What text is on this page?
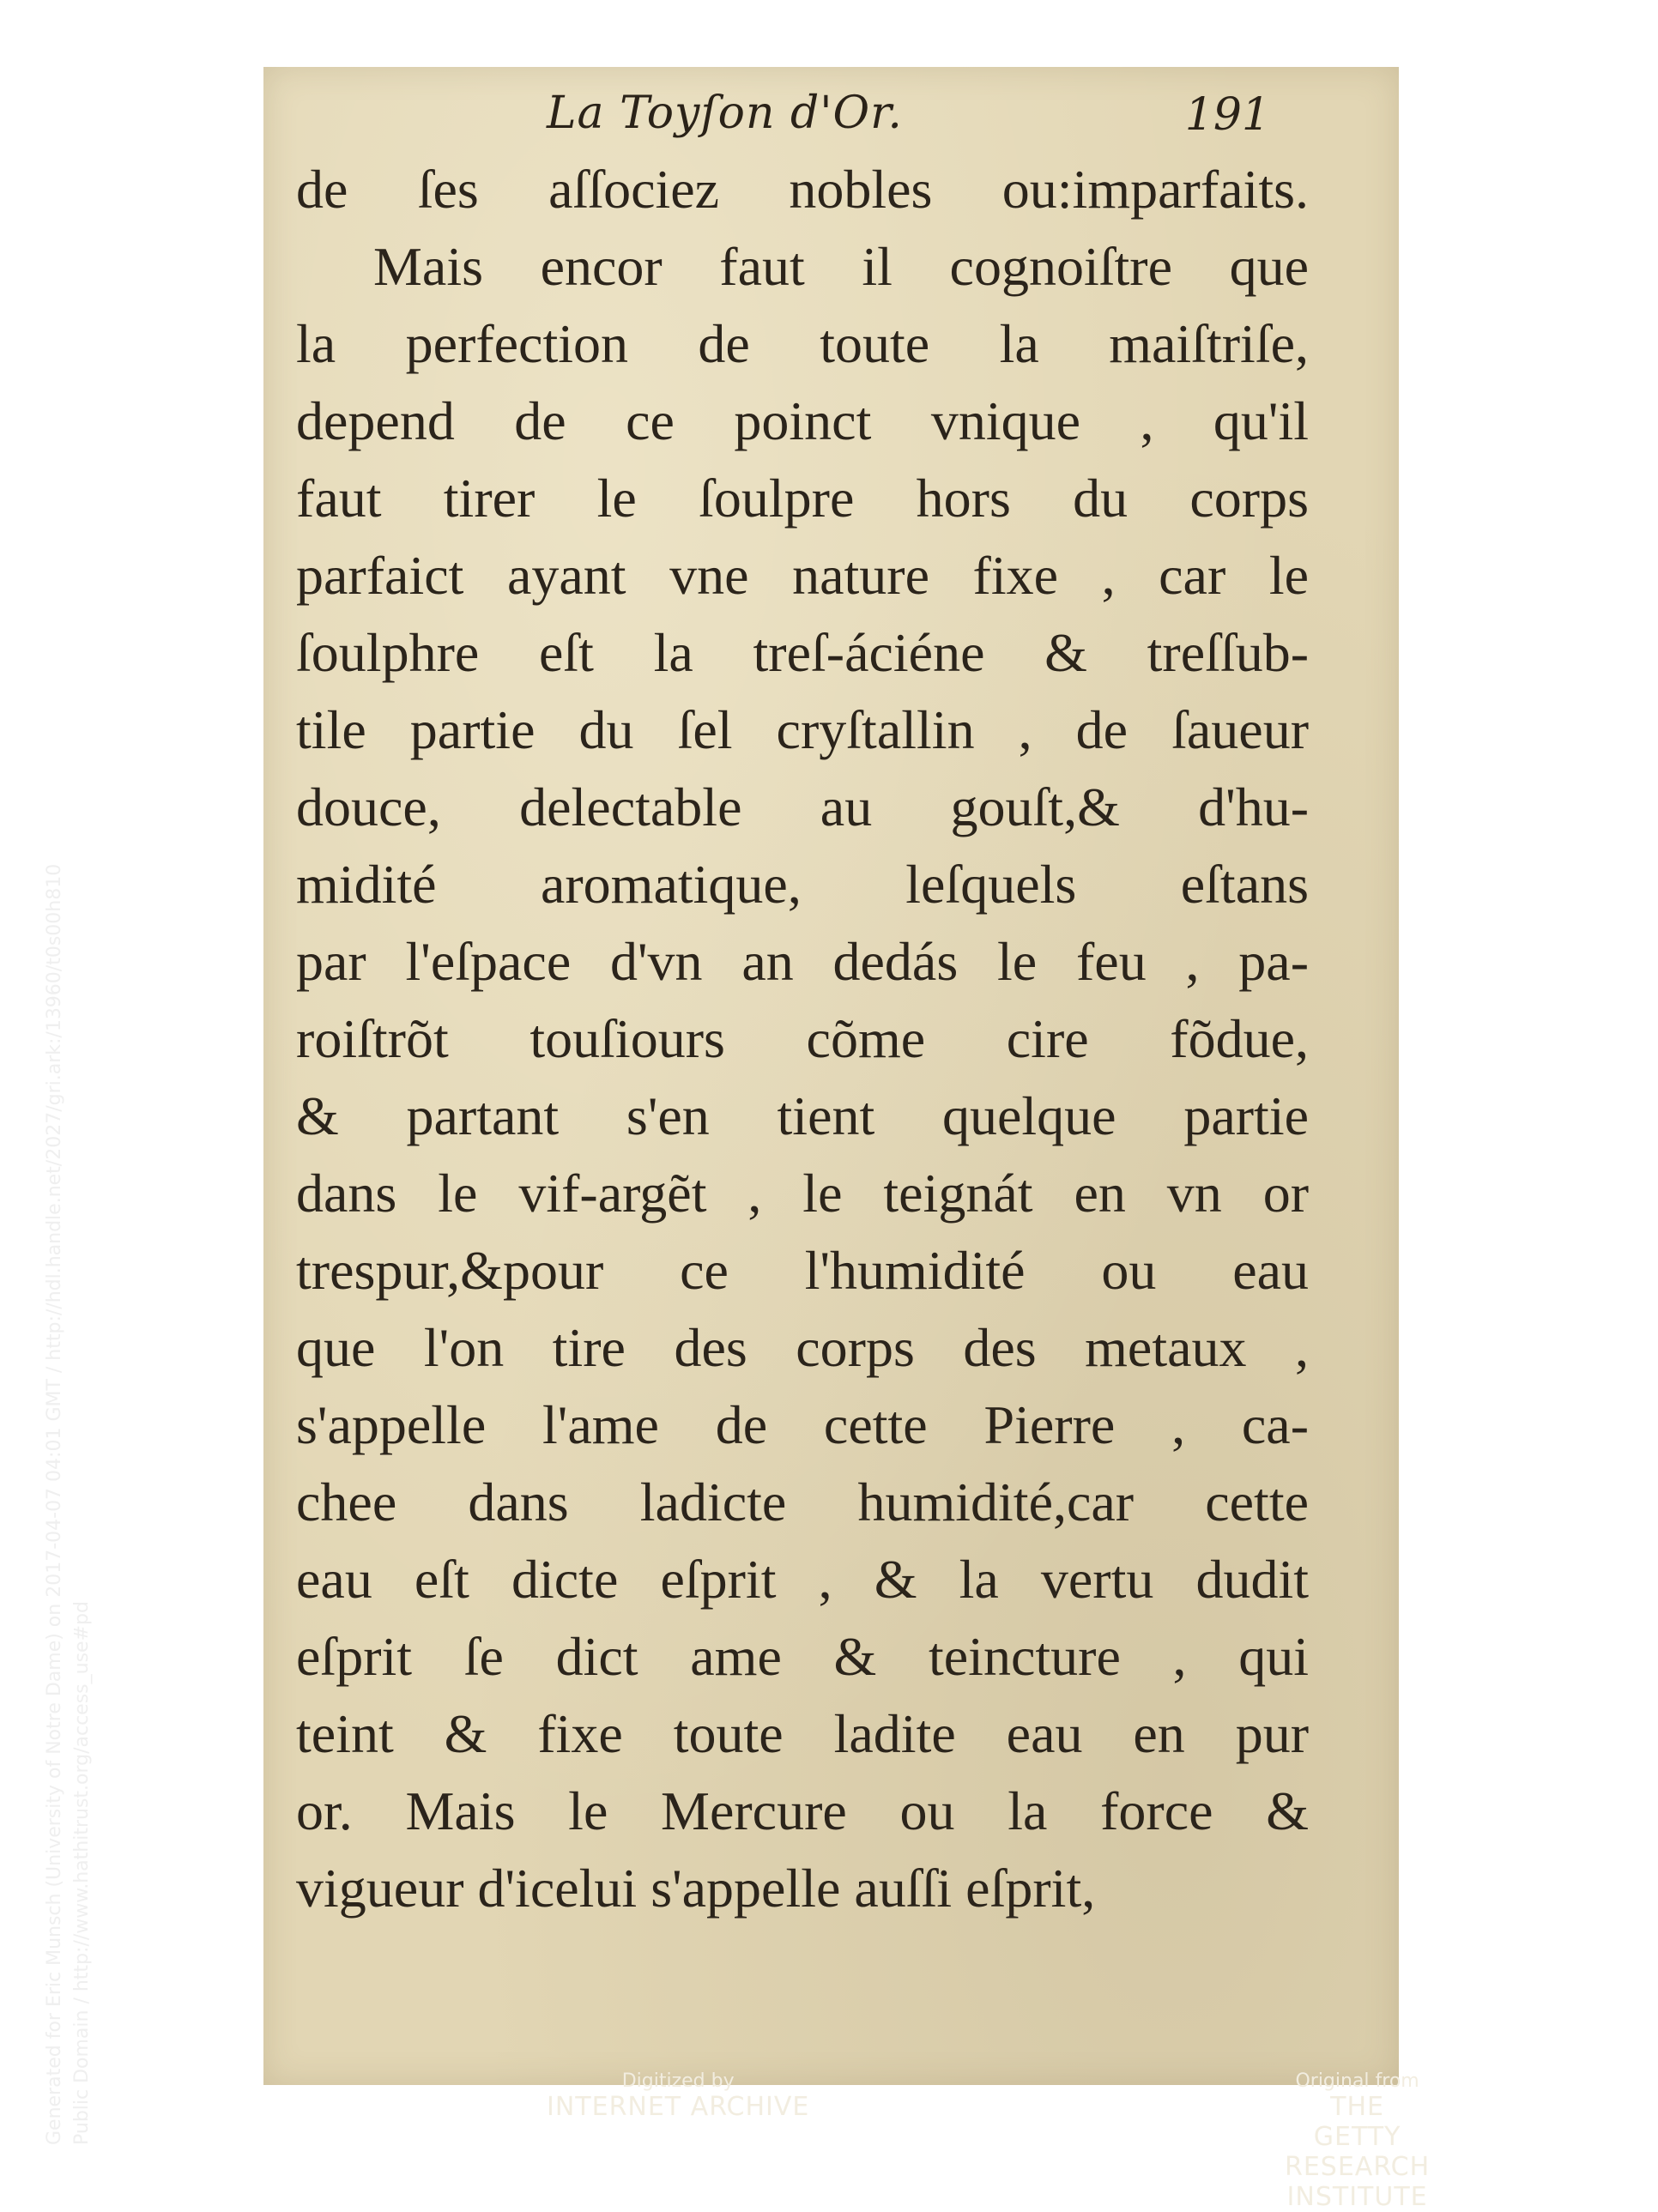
La Toyſon d'Or.	191
de ſes aſſociez nobles ou:imparfaits.
Mais encor faut il cognoiſtre que
la perfection de toute la maiſtriſe,
depend de ce poinct vnique , qu'il
faut tirer le ſoulpre hors du corps
parfaict ayant vne nature fixe , car le
ſoulphre eſt la treſ-áciéne & treſſub-
tile partie du ſel cryſtallin , de ſaueur
douce, delectable au gouſt,& d'hu-
midité aromatique, leſquels eſtans
par l'eſpace d'vn an dedás le feu , pa-
roiſtrõt touſiours cõme cire fõdue,
& partant s'en tient quelque partie
dans le vif-argẽt , le teignát en vn or
trespur,&pour ce l'humidité ou eau
que l'on tire des corps des metaux ,
s'appelle l'ame de cette Pierre , ca-
chee dans ladicte humidité,car cette
eau eſt dicte eſprit , & la vertu dudit
eſprit ſe dict ame & teincture , qui
teint & fixe toute ladite eau en pur
or. Mais le Mercure ou la force &
vigueur d'icelui s'appelle auſſi eſprit,
Digitized by
INTERNET ARCHIVE
Original from
THE GETTY RESEARCH INSTITUTE
Generated for Eric Munsch (University of Notre Dame) on 2017-04-07 04:01 GMT / http://hdl.handle.net/2027/gri.ark:/13960/t0s00h810 Public Domain / http://www.hathitrust.org/access_use#pd
